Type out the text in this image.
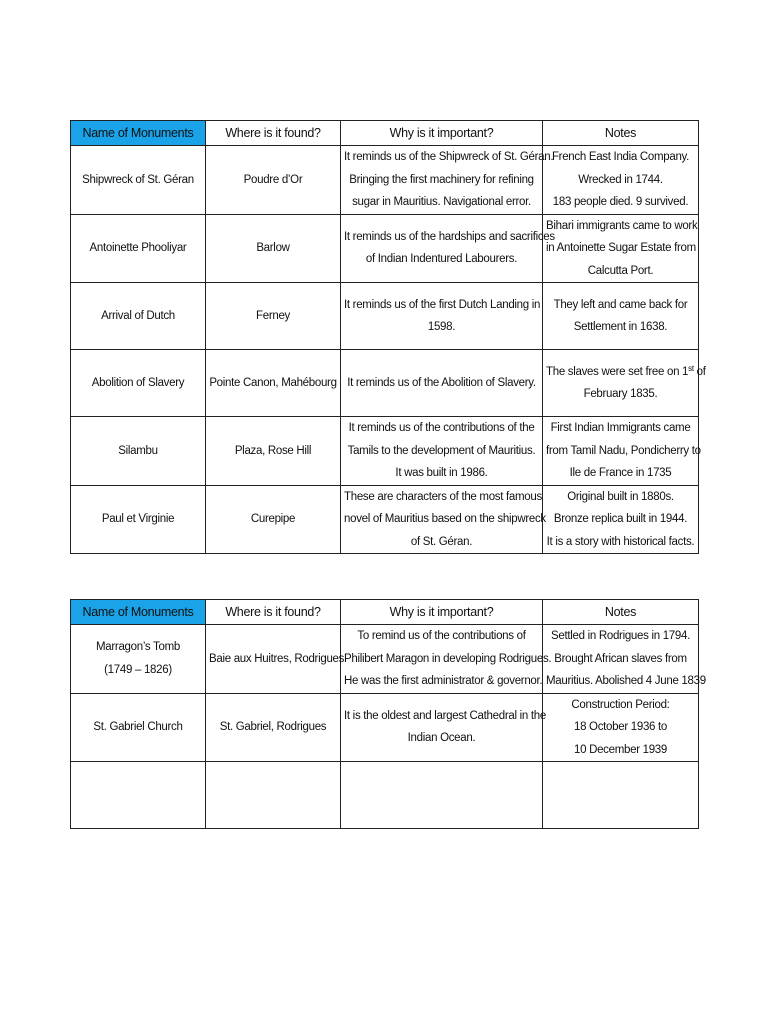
Name of Monuments	Where is it found?	Why is it important?	Notes

Shipwreck of St. Géran	Poudre d’Or	It reminds us of the Shipwreck of St. Géran.
Bringing the first machinery for refining
sugar in Mauritius. Navigational error.	French East India Company.
Wrecked in 1744.
183 people died. 9 survived.

Antoinette Phooliyar	Barlow	It reminds us of the hardships and sacrifices
of Indian Indentured Labourers.	Bihari immigrants came to work
in Antoinette Sugar Estate from
Calcutta Port.

Arrival of Dutch	Ferney	It reminds us of the first Dutch Landing in
1598.	They left and came back for
Settlement in 1638.

Abolition of Slavery	Pointe Canon, Mahébourg	It reminds us of the Abolition of Slavery.	The slaves were set free on 1st of
February 1835.

Silambu	Plaza, Rose Hill	It reminds us of the contributions of the
Tamils to the development of Mauritius.
It was built in 1986.	First Indian Immigrants came
from Tamil Nadu, Pondicherry to
Ile de France in 1735

Paul et Virginie	Curepipe	These are characters of the most famous
novel of Mauritius based on the shipwreck
of St. Géran.	Original built in 1880s.
Bronze replica built in 1944.
It is a story with historical facts.
Name of Monuments	Where is it found?	Why is it important?	Notes

Marragon’s Tomb
(1749 – 1826)	Baie aux Huitres, Rodrigues	To remind us of the contributions of
Philibert Maragon in developing Rodrigues.
He was the first administrator & governor.	Settled in Rodrigues in 1794.
Brought African slaves from
Mauritius. Abolished 4 June 1839

St. Gabriel Church	St. Gabriel, Rodrigues	It is the oldest and largest Cathedral in the
Indian Ocean.	Construction Period:
18 October 1936 to
10 December 1939
